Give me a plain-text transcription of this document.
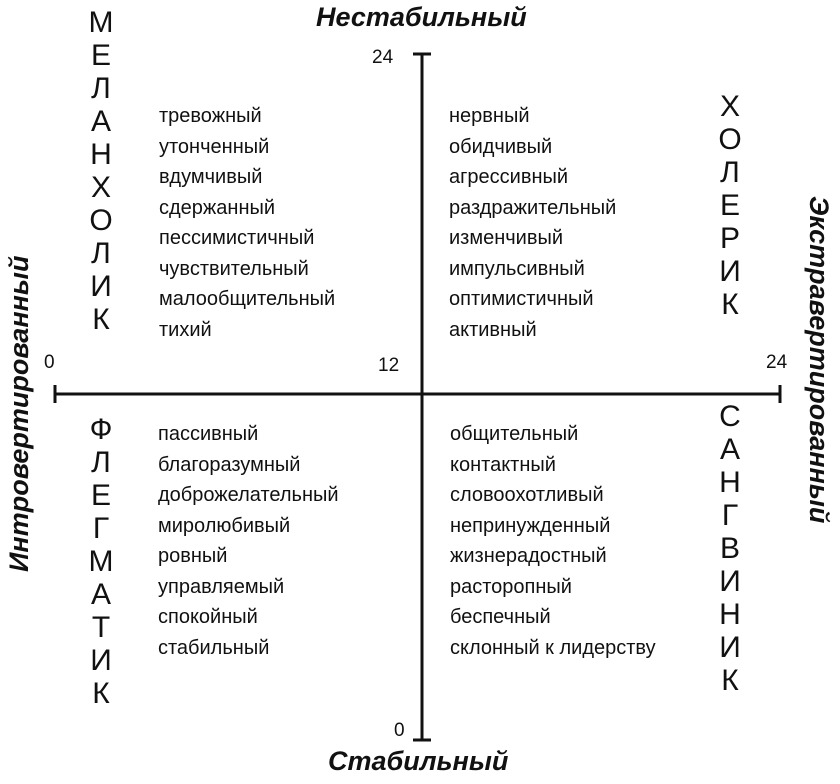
Нестабильный
Стабильный
Интровертированный	Экстравертированный
24
12
0
0	24
М
Е
Л
А
Н
Х
О
Л
И
К
Ф
Л
Е
Г
М
А
Т
И
К
Х
О
Л
Е
Р
И
К
С
А
Н
Г
В
И
Н
И
К
тревожный
утонченный
вдумчивый
сдержанный
пессимистичный
чувствительный
малообщительный
тихий
нервный
обидчивый
агрессивный
раздражительный
изменчивый
импульсивный
оптимистичный
активный
пассивный
благоразумный
доброжелательный
миролюбивый
ровный
управляемый
спокойный
стабильный
общительный
контактный
словоохотливый
непринужденный
жизнерадостный
расторопный
беспечный
склонный к лидерству
